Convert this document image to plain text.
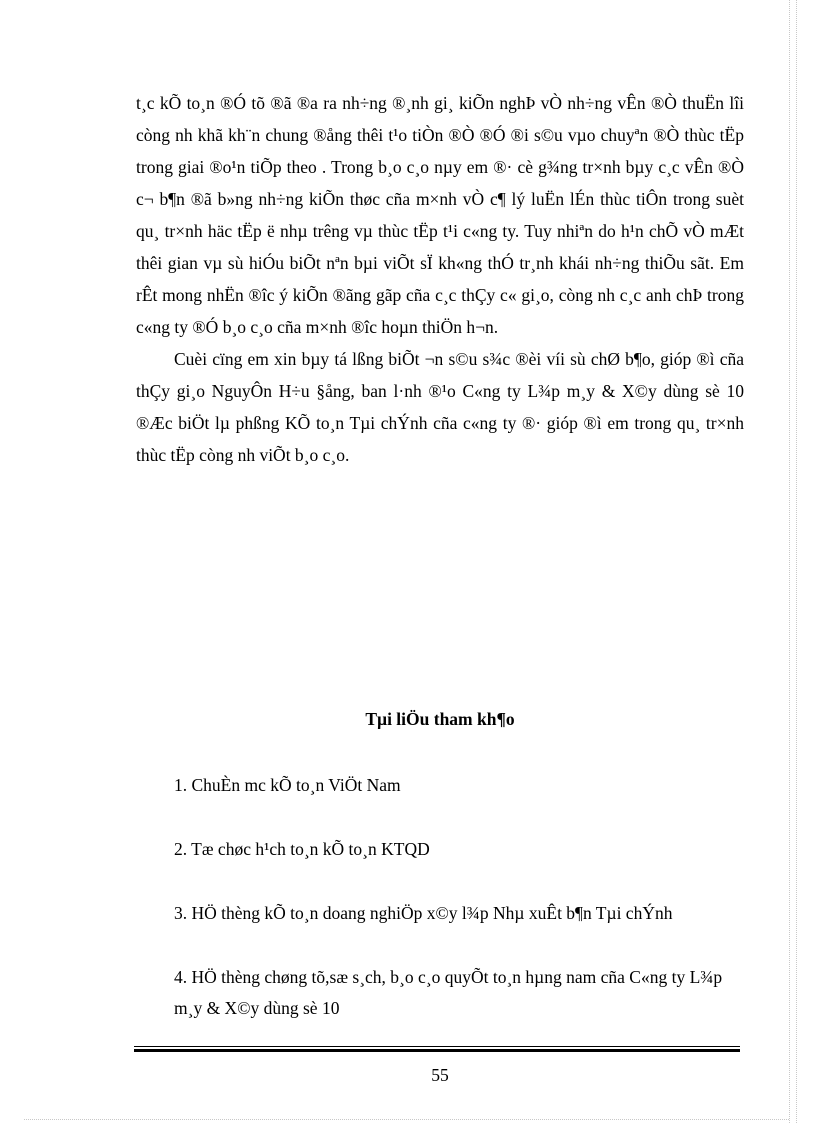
t¸c kÕ to¸n ®Ó tõ ®ã ®a ra nh÷ng ®¸nh gi¸ kiÕn nghÞ vÒ nh÷ng vÊn ®Ò thuËn lîi còng nh khã kh¨n chung ®ång thêi t¹o tiÒn ®Ò ®Ó ®i s©u vµo chuyªn ®Ò thùc tËp trong giai ®o¹n tiÕp theo . Trong b¸o c¸o nµy em ®· cè g¾ng tr×nh bµy c¸c vÊn ®Ò c¬ b¶n ®ã b»ng nh÷ng kiÕn thøc cña m×nh vÒ c¶ lý luËn lÉn thùc tiÔn trong suèt qu¸ tr×nh häc tËp ë nhµ trêng vµ thùc tËp t¹i c«ng ty. Tuy nhiªn do h¹n chÕ vÒ mÆt thêi gian vµ sù hiÓu biÕt nªn bµi viÕt sÏ kh«ng thÓ tr¸nh khái nh÷ng thiÕu sãt. Em rÊt mong nhËn ®îc ý kiÕn ®ãng gãp cña c¸c thÇy c« gi¸o, còng nh c¸c anh chÞ trong c«ng ty ®Ó b¸o c¸o cña m×nh ®îc hoµn thiÖn h¬n.

Cuèi cïng em xin bµy tá lßng biÕt ¬n s©u s¾c ®èi víi sù chØ b¶o, gióp ®ì cña thÇy gi¸o NguyÔn H÷u §ång, ban l·nh ®¹o C«ng ty L¾p m¸y & X©y dùng sè 10 ®Æc biÖt lµ phßng KÕ to¸n Tµi chÝnh cña c«ng ty ®· gióp ®ì em trong qu¸ tr×nh thùc tËp còng nh viÕt b¸o c¸o.

Tµi liÖu tham kh¶o

1. ChuÈn mc kÕ to¸n ViÖt Nam

2. Tæ chøc h¹ch to¸n kÕ to¸n KTQD

3. HÖ thèng kÕ to¸n doang nghiÖp x©y l¾p Nhµ xuÊt b¶n Tµi chÝnh

4. HÖ thèng chøng tõ,sæ s¸ch, b¸o c¸o quyÕt to¸n hµng nam cña C«ng ty L¾p m¸y & X©y dùng sè 10

55
